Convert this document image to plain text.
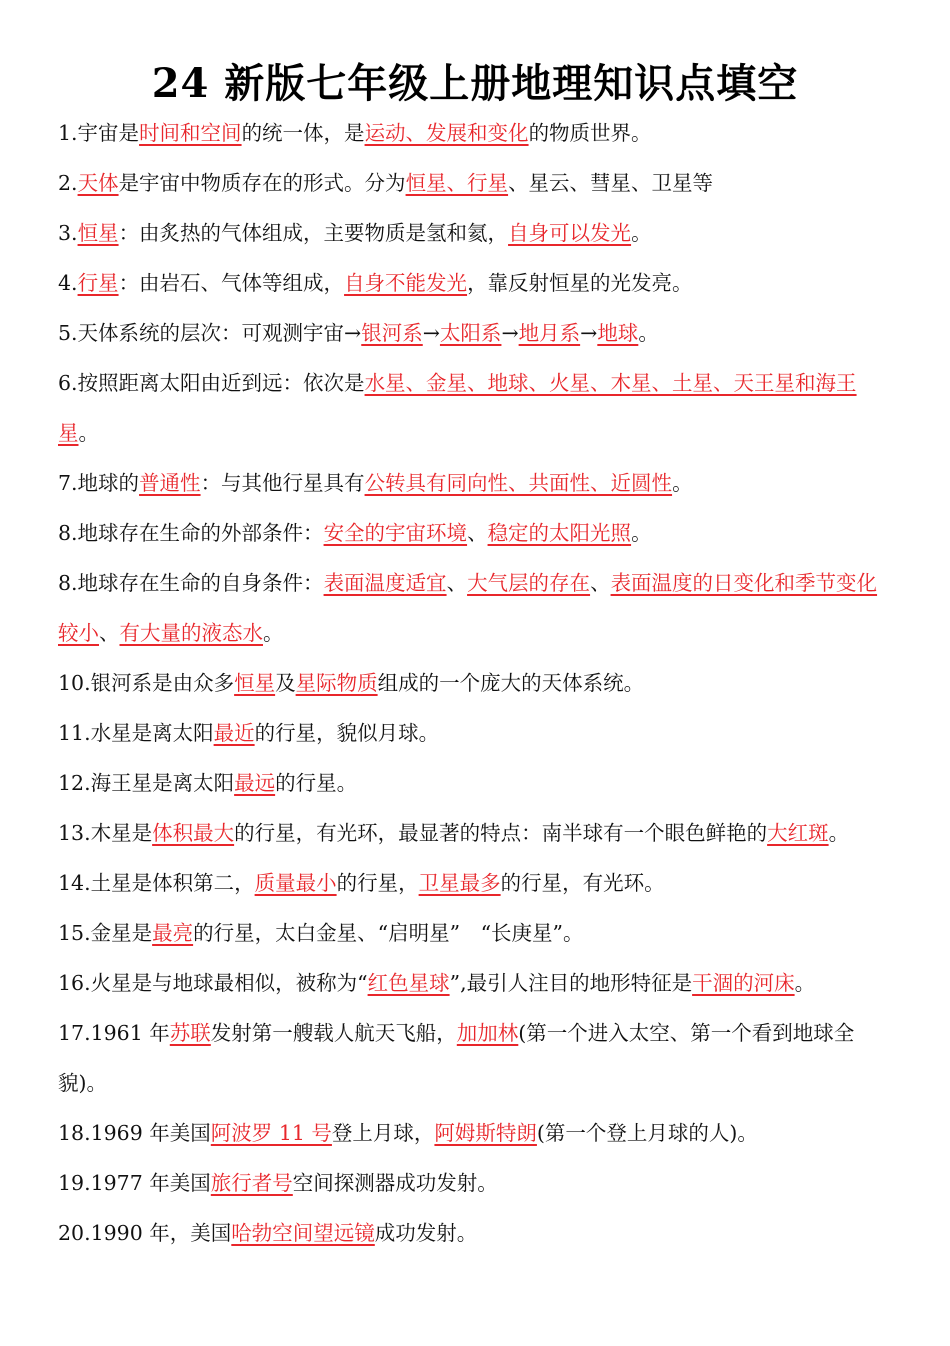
24 新版七年级上册地理知识点填空

1.宇宙是时间和空间的统一体，是运动、发展和变化的物质世界。

2.天体是宇宙中物质存在的形式。分为恒星、行星、星云、彗星、卫星等

3.恒星：由炙热的气体组成，主要物质是氢和氦，自身可以发光。

4.行星：由岩石、气体等组成，自身不能发光，靠反射恒星的光发亮。

5.天体系统的层次：可观测宇宙→银河系→太阳系→地月系→地球。

6.按照距离太阳由近到远：依次是水星、金星、地球、火星、木星、土星、天王星和海王星。

7.地球的普通性：与其他行星具有公转具有同向性、共面性、近圆性。

8.地球存在生命的外部条件：安全的宇宙环境、稳定的太阳光照。

8.地球存在生命的自身条件：表面温度适宜、大气层的存在、表面温度的日变化和季节变化较小、有大量的液态水。

10.银河系是由众多恒星及星际物质组成的一个庞大的天体系统。

11.水星是离太阳最近的行星，貌似月球。

12.海王星是离太阳最远的行星。

13.木星是体积最大的行星，有光环，最显著的特点：南半球有一个眼色鲜艳的大红斑。

14.土星是体积第二，质量最小的行星，卫星最多的行星，有光环。

15.金星是最亮的行星，太白金星、“启明星”　“长庚星”。

16.火星是与地球最相似，被称为“红色星球”,最引人注目的地形特征是干涸的河床。

17.1961 年苏联发射第一艘载人航天飞船，加加林(第一个进入太空、第一个看到地球全貌)。

18.1969 年美国阿波罗 11 号登上月球，阿姆斯特朗(第一个登上月球的人)。

19.1977 年美国旅行者号空间探测器成功发射。

20.1990 年，美国哈勃空间望远镜成功发射。
